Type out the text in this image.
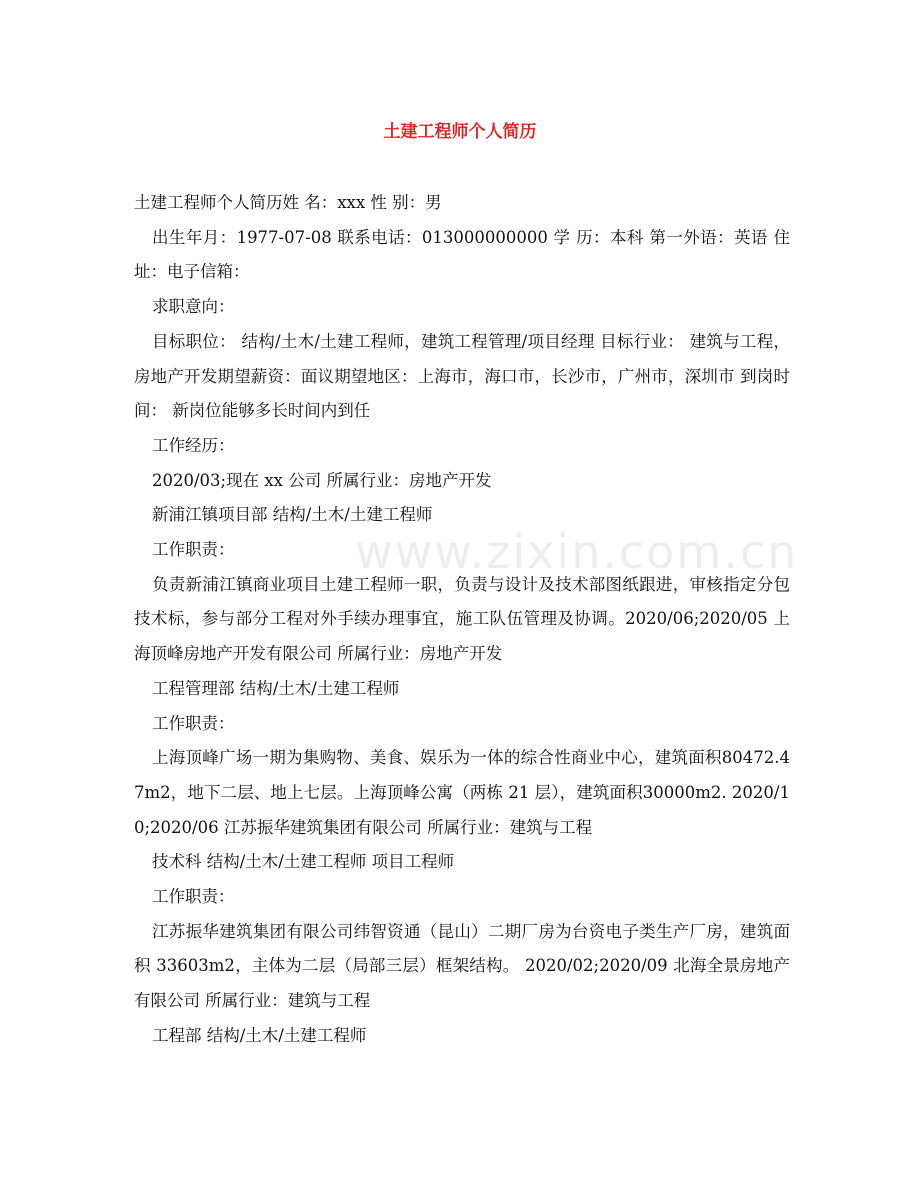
土建工程师个人简历

土建工程师个人简历姓 名：xxx 性 别：男

出生年月：1977-07-08 联系电话：013000000000 学 历：本科 第一外语：英语 住址：电子信箱：

求职意向：

目标职位： 结构/土木/土建工程师，建筑工程管理/项目经理 目标行业： 建筑与工程，房地产开发期望薪资：面议期望地区：上海市，海口市，长沙市，广州市，深圳市 到岗时间： 新岗位能够多长时间内到任

工作经历：

2020/03;现在 xx 公司 所属行业：房地产开发

新浦江镇项目部 结构/土木/土建工程师

工作职责：

负责新浦江镇商业项目土建工程师一职，负责与设计及技术部图纸跟进，审核指定分包技术标，参与部分工程对外手续办理事宜，施工队伍管理及协调。2020/06;2020/05 上海顶峰房地产开发有限公司 所属行业：房地产开发

工程管理部 结构/土木/土建工程师

工作职责：

上海顶峰广场一期为集购物、美食、娱乐为一体的综合性商业中心，建筑面积80472.47m2，地下二层、地上七层。上海顶峰公寓（两栋 21 层），建筑面积30000m2. 2020/10;2020/06 江苏振华建筑集团有限公司 所属行业：建筑与工程

技术科 结构/土木/土建工程师 项目工程师

工作职责：

江苏振华建筑集团有限公司纬智资通（昆山）二期厂房为台资电子类生产厂房，建筑面积 33603m2，主体为二层（局部三层）框架结构。 2020/02;2020/09 北海全景房地产有限公司 所属行业：建筑与工程

工程部 结构/土木/土建工程师

www.zixin.com.cn
